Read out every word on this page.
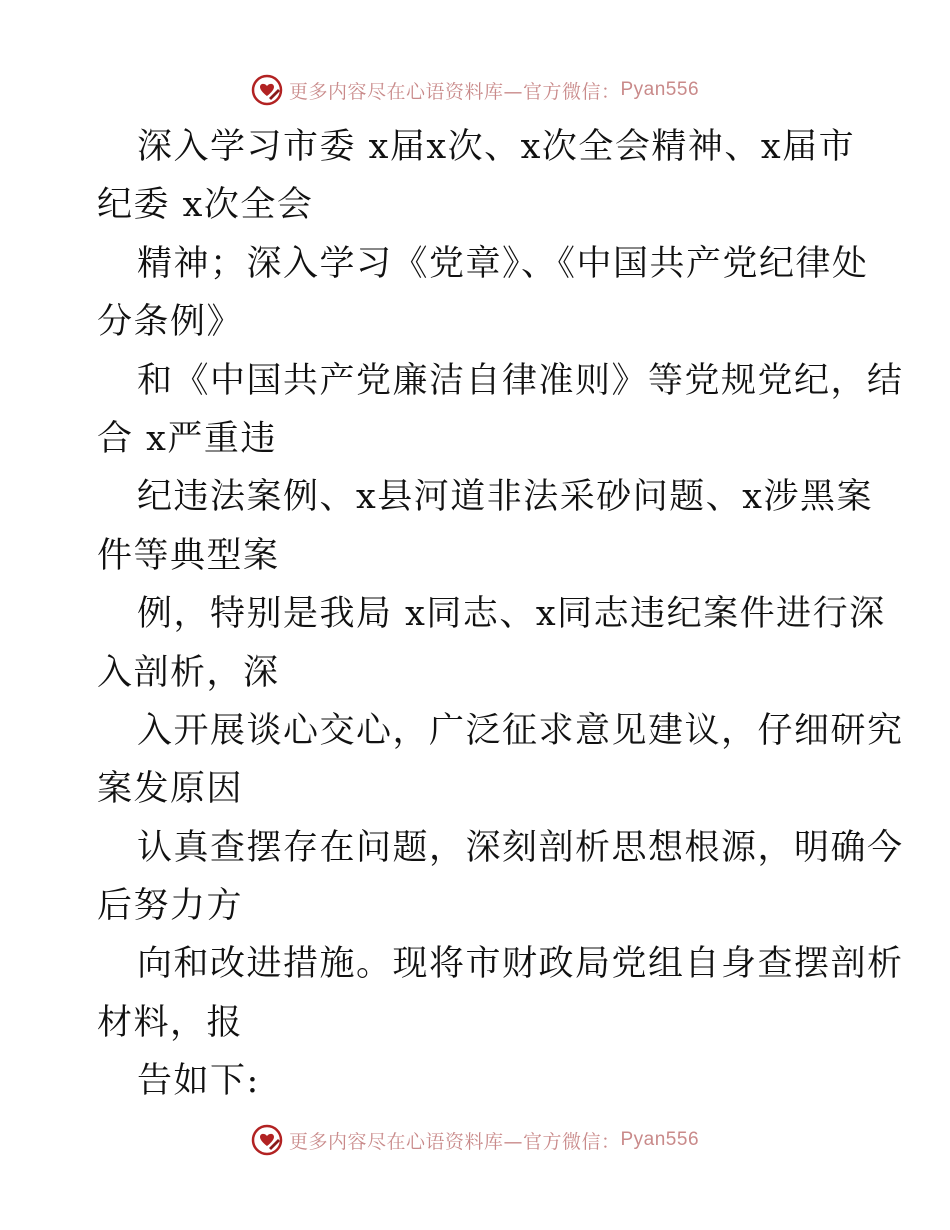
更多内容尽在心语资料库—官方微信： Pyan556
深入学习市委 x届x次、x次全会精神、x届市
纪委 x次全会
精神；深入学习《党章》、《中国共产党纪律处
分条例》
和《中国共产党廉洁自律准则》等党规党纪，结
合 x严重违
纪违法案例、x县河道非法采砂问题、x涉黑案
件等典型案
例，特别是我局 x同志、x同志违纪案件进行深
入剖析，深
入开展谈心交心，广泛征求意见建议，仔细研究
案发原因
认真查摆存在问题，深刻剖析思想根源，明确今
后努力方
向和改进措施。现将市财政局党组自身查摆剖析
材料，报
告如下:
更多内容尽在心语资料库—官方微信： Pyan556
